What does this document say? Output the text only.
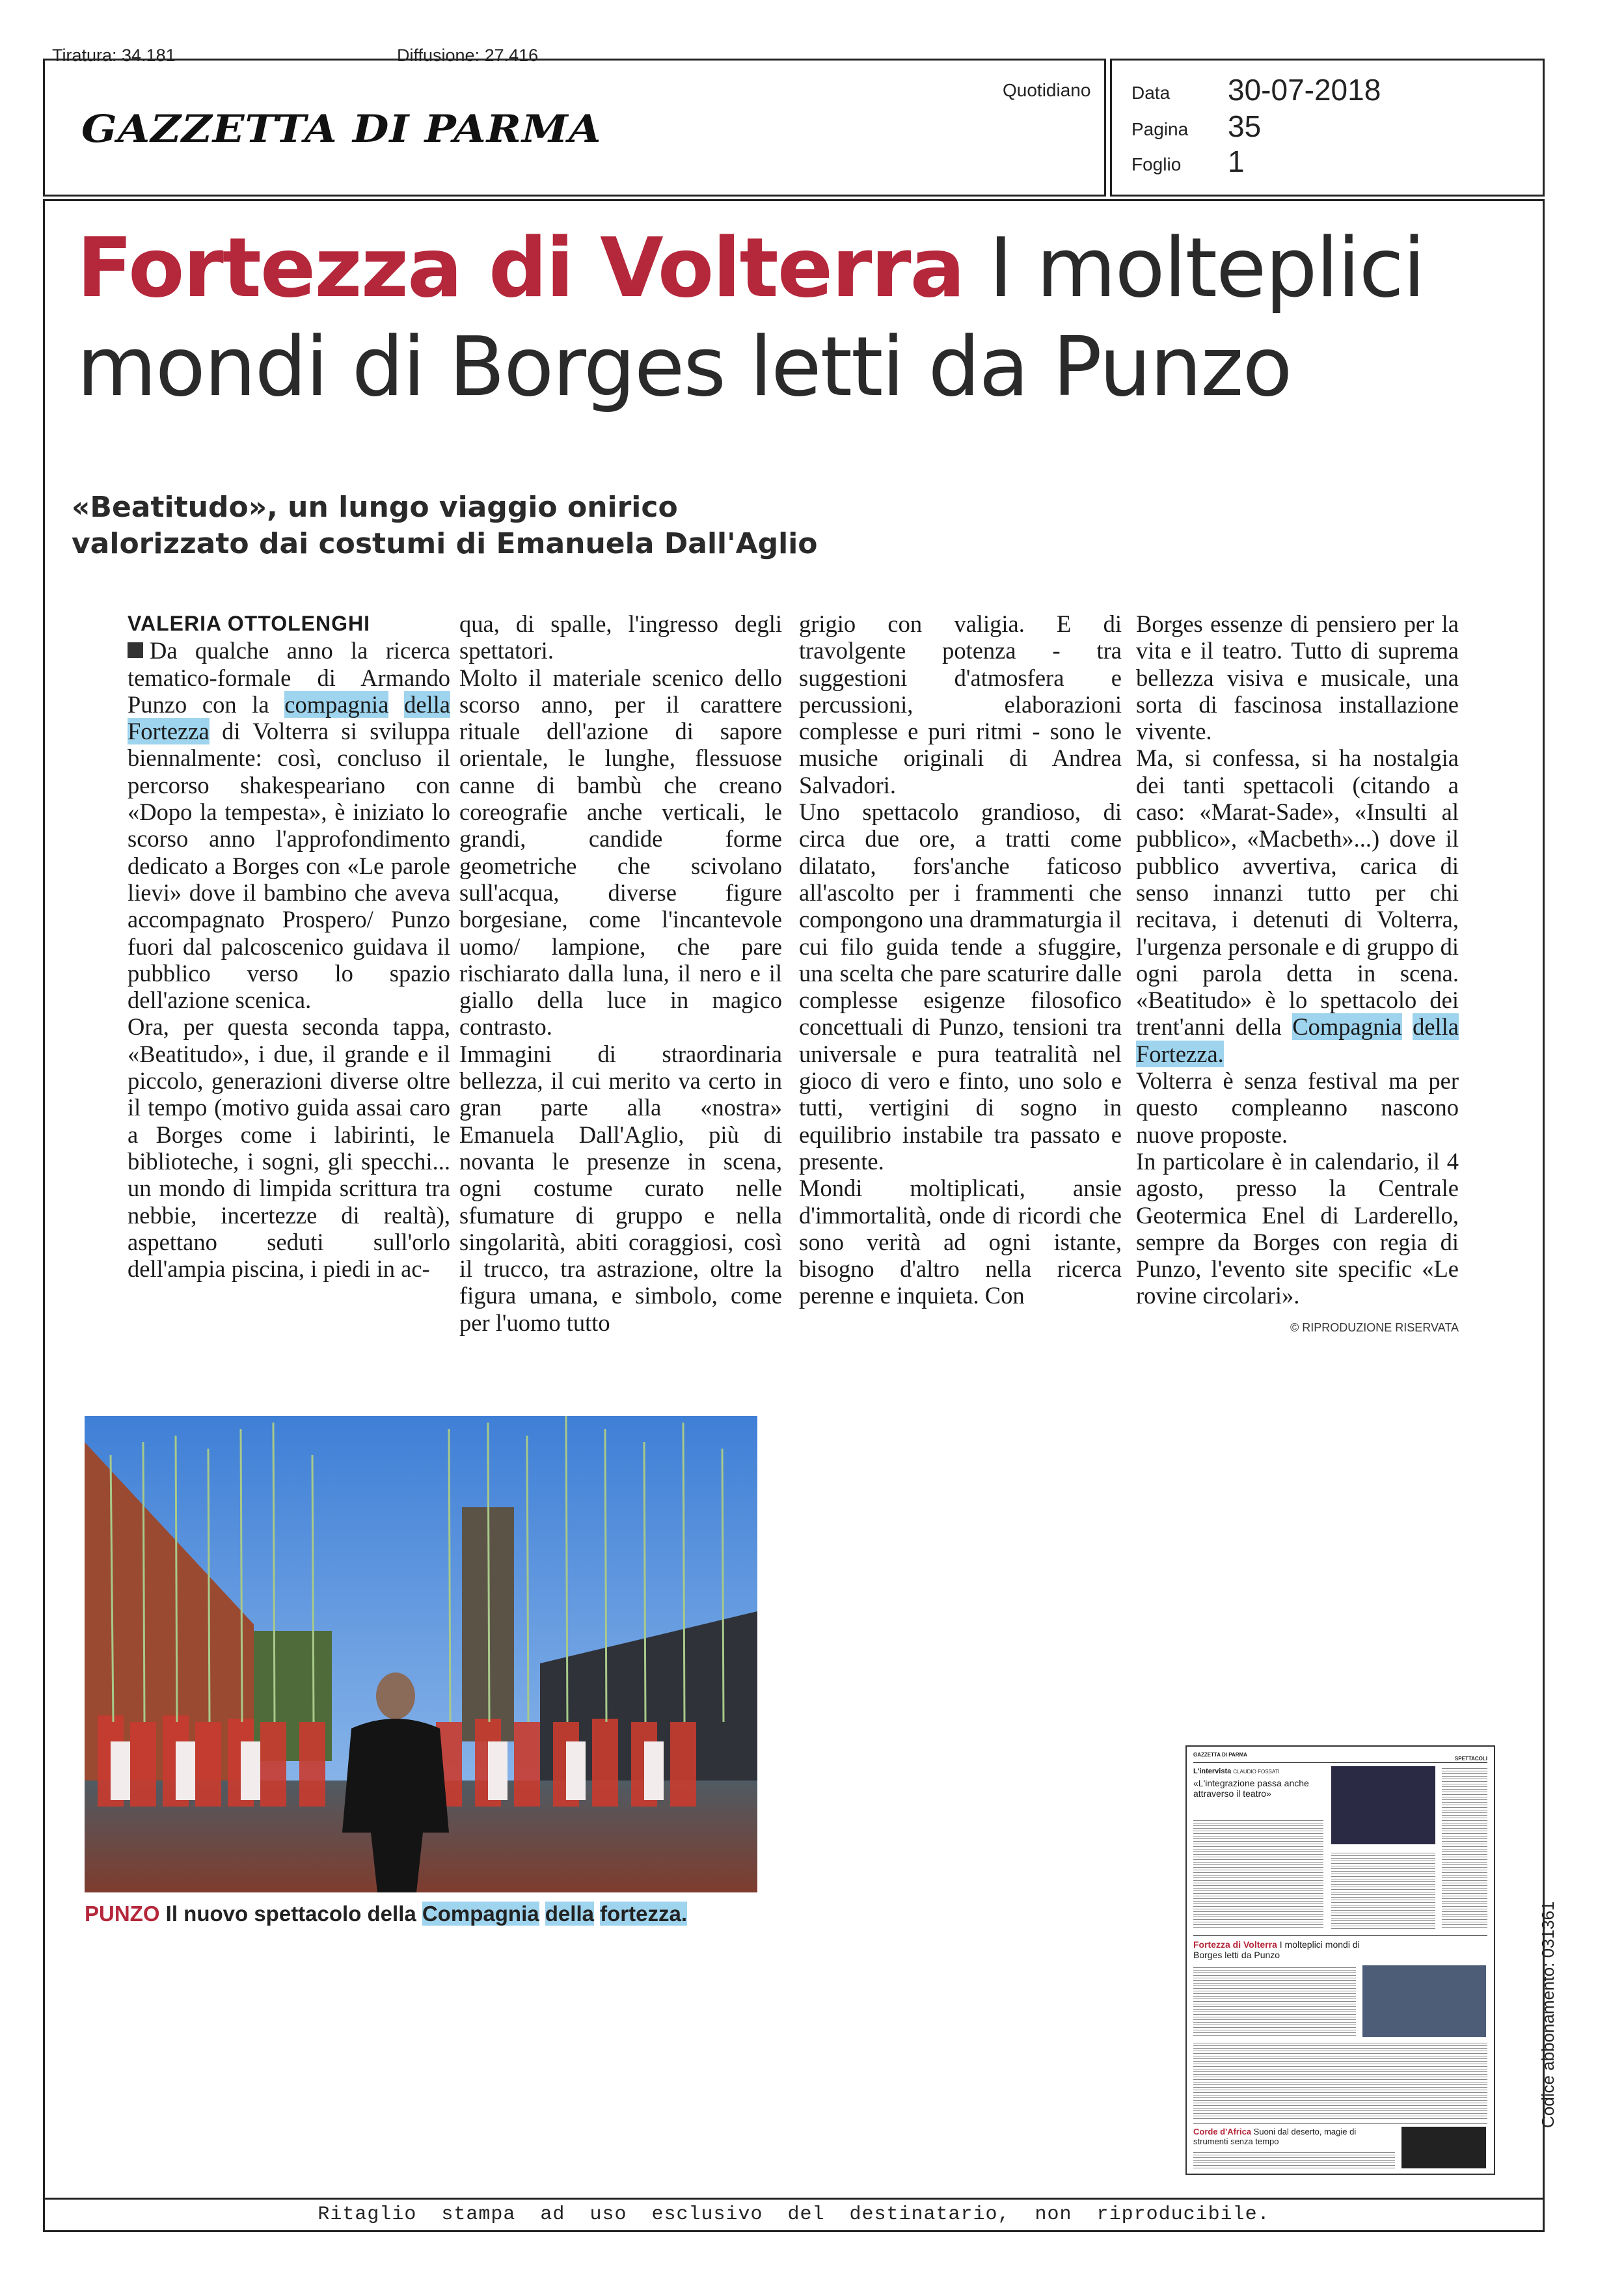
Tiratura: 34.181	Diffusione: 27.416
GAZZETTA DI PARMA
Quotidiano Data 30-07-2018
Pagina 35
Foglio 1
Fortezza di Volterra I molteplici
mondi di Borges letti da Punzo
«Beatitudo», un lungo viaggio onirico
valorizzato dai costumi di Emanuela Dall'Aglio

VALERIA OTTOLENGHI

Da qualche anno la ricerca tematico-formale di Armando Punzo con la compagnia della Fortezza di Volterra si sviluppa biennalmente: così, concluso il percorso shakespeariano con «Dopo la tempesta», è iniziato lo scorso anno l'approfondimento dedicato a Borges con «Le parole lievi» dove il bambino che aveva accompagnato Prospero/ Punzo fuori dal palcoscenico guidava il pubblico verso lo spazio dell'azione scenica.

Ora, per questa seconda tappa, «Beatitudo», i due, il grande e il piccolo, generazioni diverse oltre il tempo (motivo guida assai caro a Borges come i labirinti, le biblioteche, i sogni, gli specchi... un mondo di limpida scrittura tra nebbie, incertezze di realtà), aspettano seduti sull'orlo dell'ampia piscina, i piedi in ac-

qua, di spalle, l'ingresso degli spettatori.

Molto il materiale scenico dello scorso anno, per il carattere rituale dell'azione di sapore orientale, le lunghe, flessuose canne di bambù che creano coreografie anche verticali, le grandi, candide forme geometriche che scivolano sull'acqua, diverse figure borgesiane, come l'incantevole uomo/ lampione, che pare rischiarato dalla luna, il nero e il giallo della luce in magico contrasto.

Immagini di straordinaria bellezza, il cui merito va certo in gran parte alla «nostra» Emanuela Dall'Aglio, più di novanta le presenze in scena, ogni costume curato nelle sfumature di gruppo e nella singolarità, abiti coraggiosi, così il trucco, tra astrazione, oltre la figura umana, e simbolo, come per l'uomo tutto

grigio con valigia. E di travolgente potenza - tra suggestioni d'atmosfera e percussioni, elaborazioni complesse e puri ritmi - sono le musiche originali di Andrea Salvadori.

Uno spettacolo grandioso, di circa due ore, a tratti come dilatato, fors'anche faticoso all'ascolto per i frammenti che compongono una drammaturgia il cui filo guida tende a sfuggire, una scelta che pare scaturire dalle complesse esigenze filosofico concettuali di Punzo, tensioni tra universale e pura teatralità nel gioco di vero e finto, uno solo e tutti, vertigini di sogno in equilibrio instabile tra passato e presente.

Mondi moltiplicati, ansie d'immortalità, onde di ricordi che sono verità ad ogni istante, bisogno d'altro nella ricerca perenne e inquieta. Con

Borges essenze di pensiero per la vita e il teatro. Tutto di suprema bellezza visiva e musicale, una sorta di fascinosa installazione vivente.

Ma, si confessa, si ha nostalgia dei tanti spettacoli (citando a caso: «Marat-Sade», «Insulti al pubblico», «Macbeth»...) dove il pubblico avvertiva, carica di senso innanzi tutto per chi recitava, i detenuti di Volterra, l'urgenza personale e di gruppo di ogni parola detta in scena. «Beatitudo» è lo spettacolo dei trent'anni della Compagnia della Fortezza.

Volterra è senza festival ma per questo compleanno nascono nuove proposte.

In particolare è in calendario, il 4 agosto, presso la Centrale Geotermica Enel di Larderello, sempre da Borges con regia di Punzo, l'evento site specific «Le rovine circolari».

© RIPRODUZIONE RISERVATA

PUNZO Il nuovo spettacolo della Compagnia della fortezza.
GAZZETTA DI PARMA
SPETTACOLI
L'intervista CLAUDIO FOSSATI
«L'integrazione passa anche attraverso il teatro»
Fortezza di Volterra I molteplici mondi di Borges letti da Punzo
Corde d'Africa Suoni dal deserto, magie di strumenti senza tempo
Codice abbonamento: 031361
Ritaglio  stampa  ad  uso  esclusivo  del  destinatario,  non  riproducibile.
